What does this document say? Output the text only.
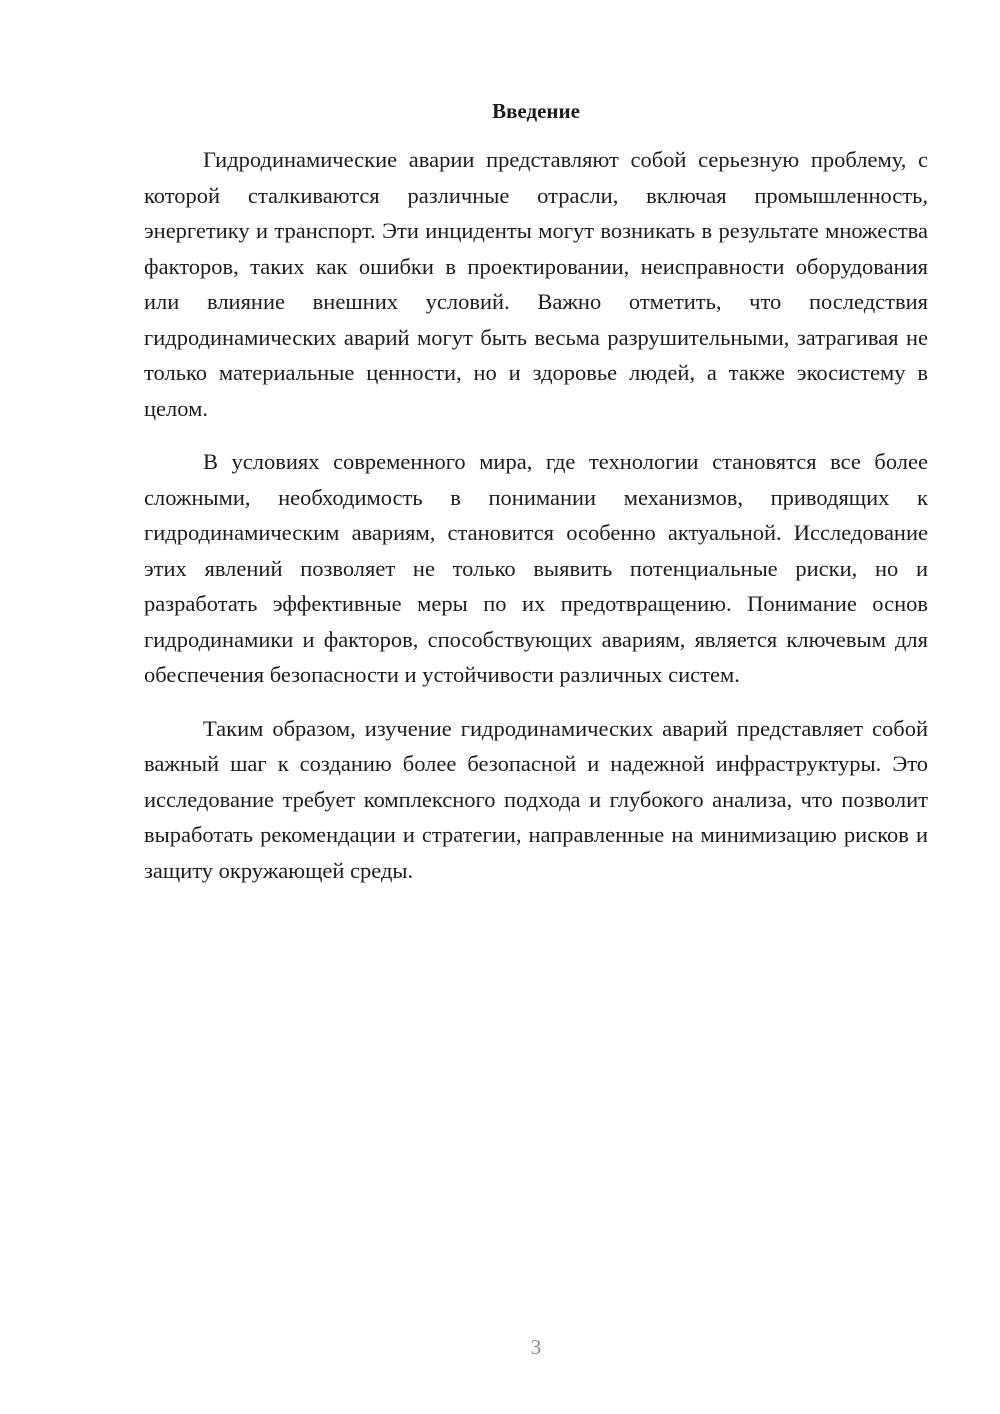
Введение

Гидродинамические аварии представляют собой серьезную проблему, с которой сталкиваются различные отрасли, включая промышленность, энергетику и транспорт. Эти инциденты могут возникать в результате множества факторов, таких как ошибки в проектировании, неисправности оборудования или влияние внешних условий. Важно отметить, что последствия гидродинамических аварий могут быть весьма разрушительными, затрагивая не только материальные ценности, но и здоровье людей, а также экосистему в целом.

В условиях современного мира, где технологии становятся все более сложными, необходимость в понимании механизмов, приводящих к гидродинамическим авариям, становится особенно актуальной. Исследование этих явлений позволяет не только выявить потенциальные риски, но и разработать эффективные меры по их предотвращению. Понимание основ гидродинамики и факторов, способствующих авариям, является ключевым для обеспечения безопасности и устойчивости различных систем.

Таким образом, изучение гидродинамических аварий представляет собой важный шаг к созданию более безопасной и надежной инфраструктуры. Это исследование требует комплексного подхода и глубокого анализа, что позволит выработать рекомендации и стратегии, направленные на минимизацию рисков и защиту окружающей среды.

3
